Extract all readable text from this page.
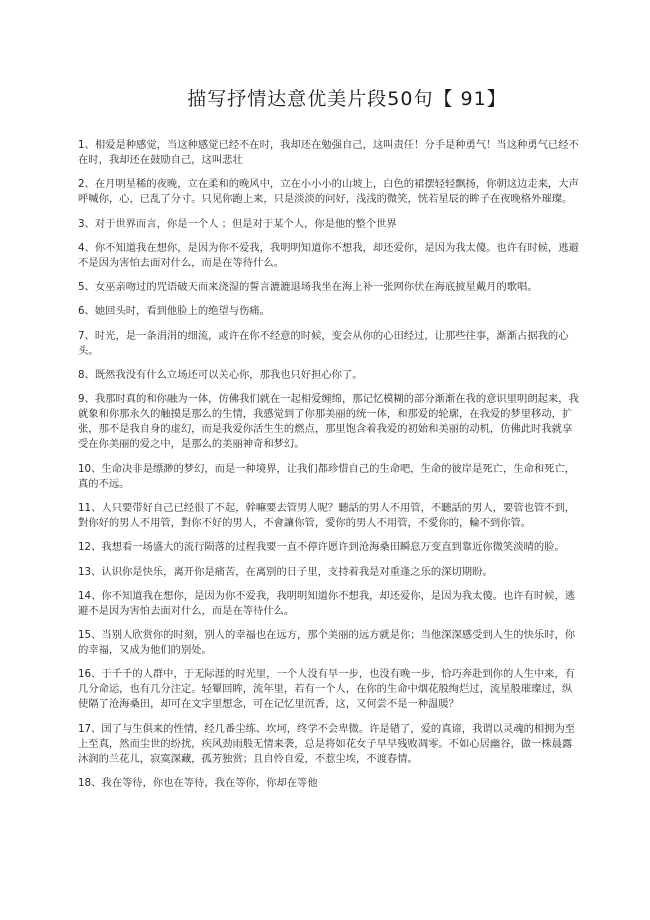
描写抒情达意优美片段50句【 91】
1、相爱是种感觉，当这种感觉已经不在时，我却还在勉强自己，这叫责任！分手是种勇气！当这种勇气已经不在时，我却还在鼓励自己，这叫悲壮
2、在月明星稀的夜晚，立在柔和的晚风中，立在小小小的山坡上，白色的裙摆轻轻飘扬，你朝这边走来，大声呼喊你，心，已乱了分寸。只见你跑上来，只是淡淡的问好，浅浅的微笑，恍若星辰的眸子在夜晚格外璀璨。
3、对于世界而言，你是一个人 ；但是对于某个人，你是他的整个世界
4、你不知道我在想你，是因为你不爱我，我明明知道你不想我，却还爱你，是因为我太傻。也许有时候，逃避不是因为害怕去面对什么，而是在等待什么。
5、女巫亲吻过的咒语破天而来浇湿的誓言漉漉退场我坐在海上补一张网你伏在海底披星戴月的歌唱。
6、她回头时，看到他脸上的绝望与伤痛。
7、时光，是一条涓涓的细流，或许在你不经意的时候，变会从你的心田经过，让那些往事，渐渐占据我的心头。
8、既然我没有什么立场还可以关心你，那我也只好担心你了。
9、我那时真的和你融为一体，仿佛我们就在一起相爱缠绵，那记忆模糊的部分渐渐在我的意识里明朗起来，我就象和你那永久的触摸是那么的生情，我感觉到了你那美丽的统一体，和那爱的轮廓，在我爱的梦里移动，扩张，那不是我自身的虚幻，而是我爱你活生生的燃点，那里饱含着我爱的初始和美丽的动机，仿佛此时我就享受在你美丽的爱之中，是那么的美丽神奇和梦幻。
10、生命决非是缥渺的梦幻，而是一种境界，让我们都珍惜自己的生命吧，生命的彼岸是死亡，生命和死亡，真的不远。
11、人只要带好自己已经很了不起，幹嘛要去管男人呢？聽話的男人不用管，不聽話的男人，要管也管不到，對你好的男人不用管，對你不好的男人，不會讓你管，愛你的男人不用管，不愛你的，輪不到你管。
12、我想看一场盛大的流行陨落的过程我要一直不停许愿许到沧海桑田瞬息万变直到靠近你微笑淡晴的脸。
13、认识你是快乐，离开你是痛苦，在离别的日子里，支持着我是对重逢之乐的深切期盼。
14、你不知道我在想你，是因为你不爱我，我明明知道你不想我，却还爱你，是因为我太傻。也许有时候，逃避不是因为害怕去面对什么，而是在等待什么。
15、当别人欣赏你的时刻，别人的幸福也在远方，那个美丽的远方就是你；当他深深感受到人生的快乐时，你的幸福，又成为他们的别处。
16、于千千的人群中，于无际涯的时光里，一个人没有早一步，也没有晚一步，恰巧奔赴到你的人生中来，有几分命运，也有几分注定。轻颦回眸，流年里，若有一个人，在你的生命中烟花般绚烂过，流星般璀璨过，纵使隔了沧海桑田，却可在文字里想念，可在记忆里沉香，这，又何尝不是一种温暖？
17、国了与生俱来的性情，经几番尘练、坎坷，终学不会卑微。许是错了，爱的真谛，我谓以灵魂的相拥为至上至真，然而尘世的纷扰，疾风劲雨般无情来袭，总是将如花女子早早残败凋零。不如心居幽谷，做一株晨露沐润的兰花儿，寂寞深藏，孤芳独赏；且自怜自爱，不惹尘埃，不渡春情。
18、我在等待，你也在等待，我在等你，你却在等他
